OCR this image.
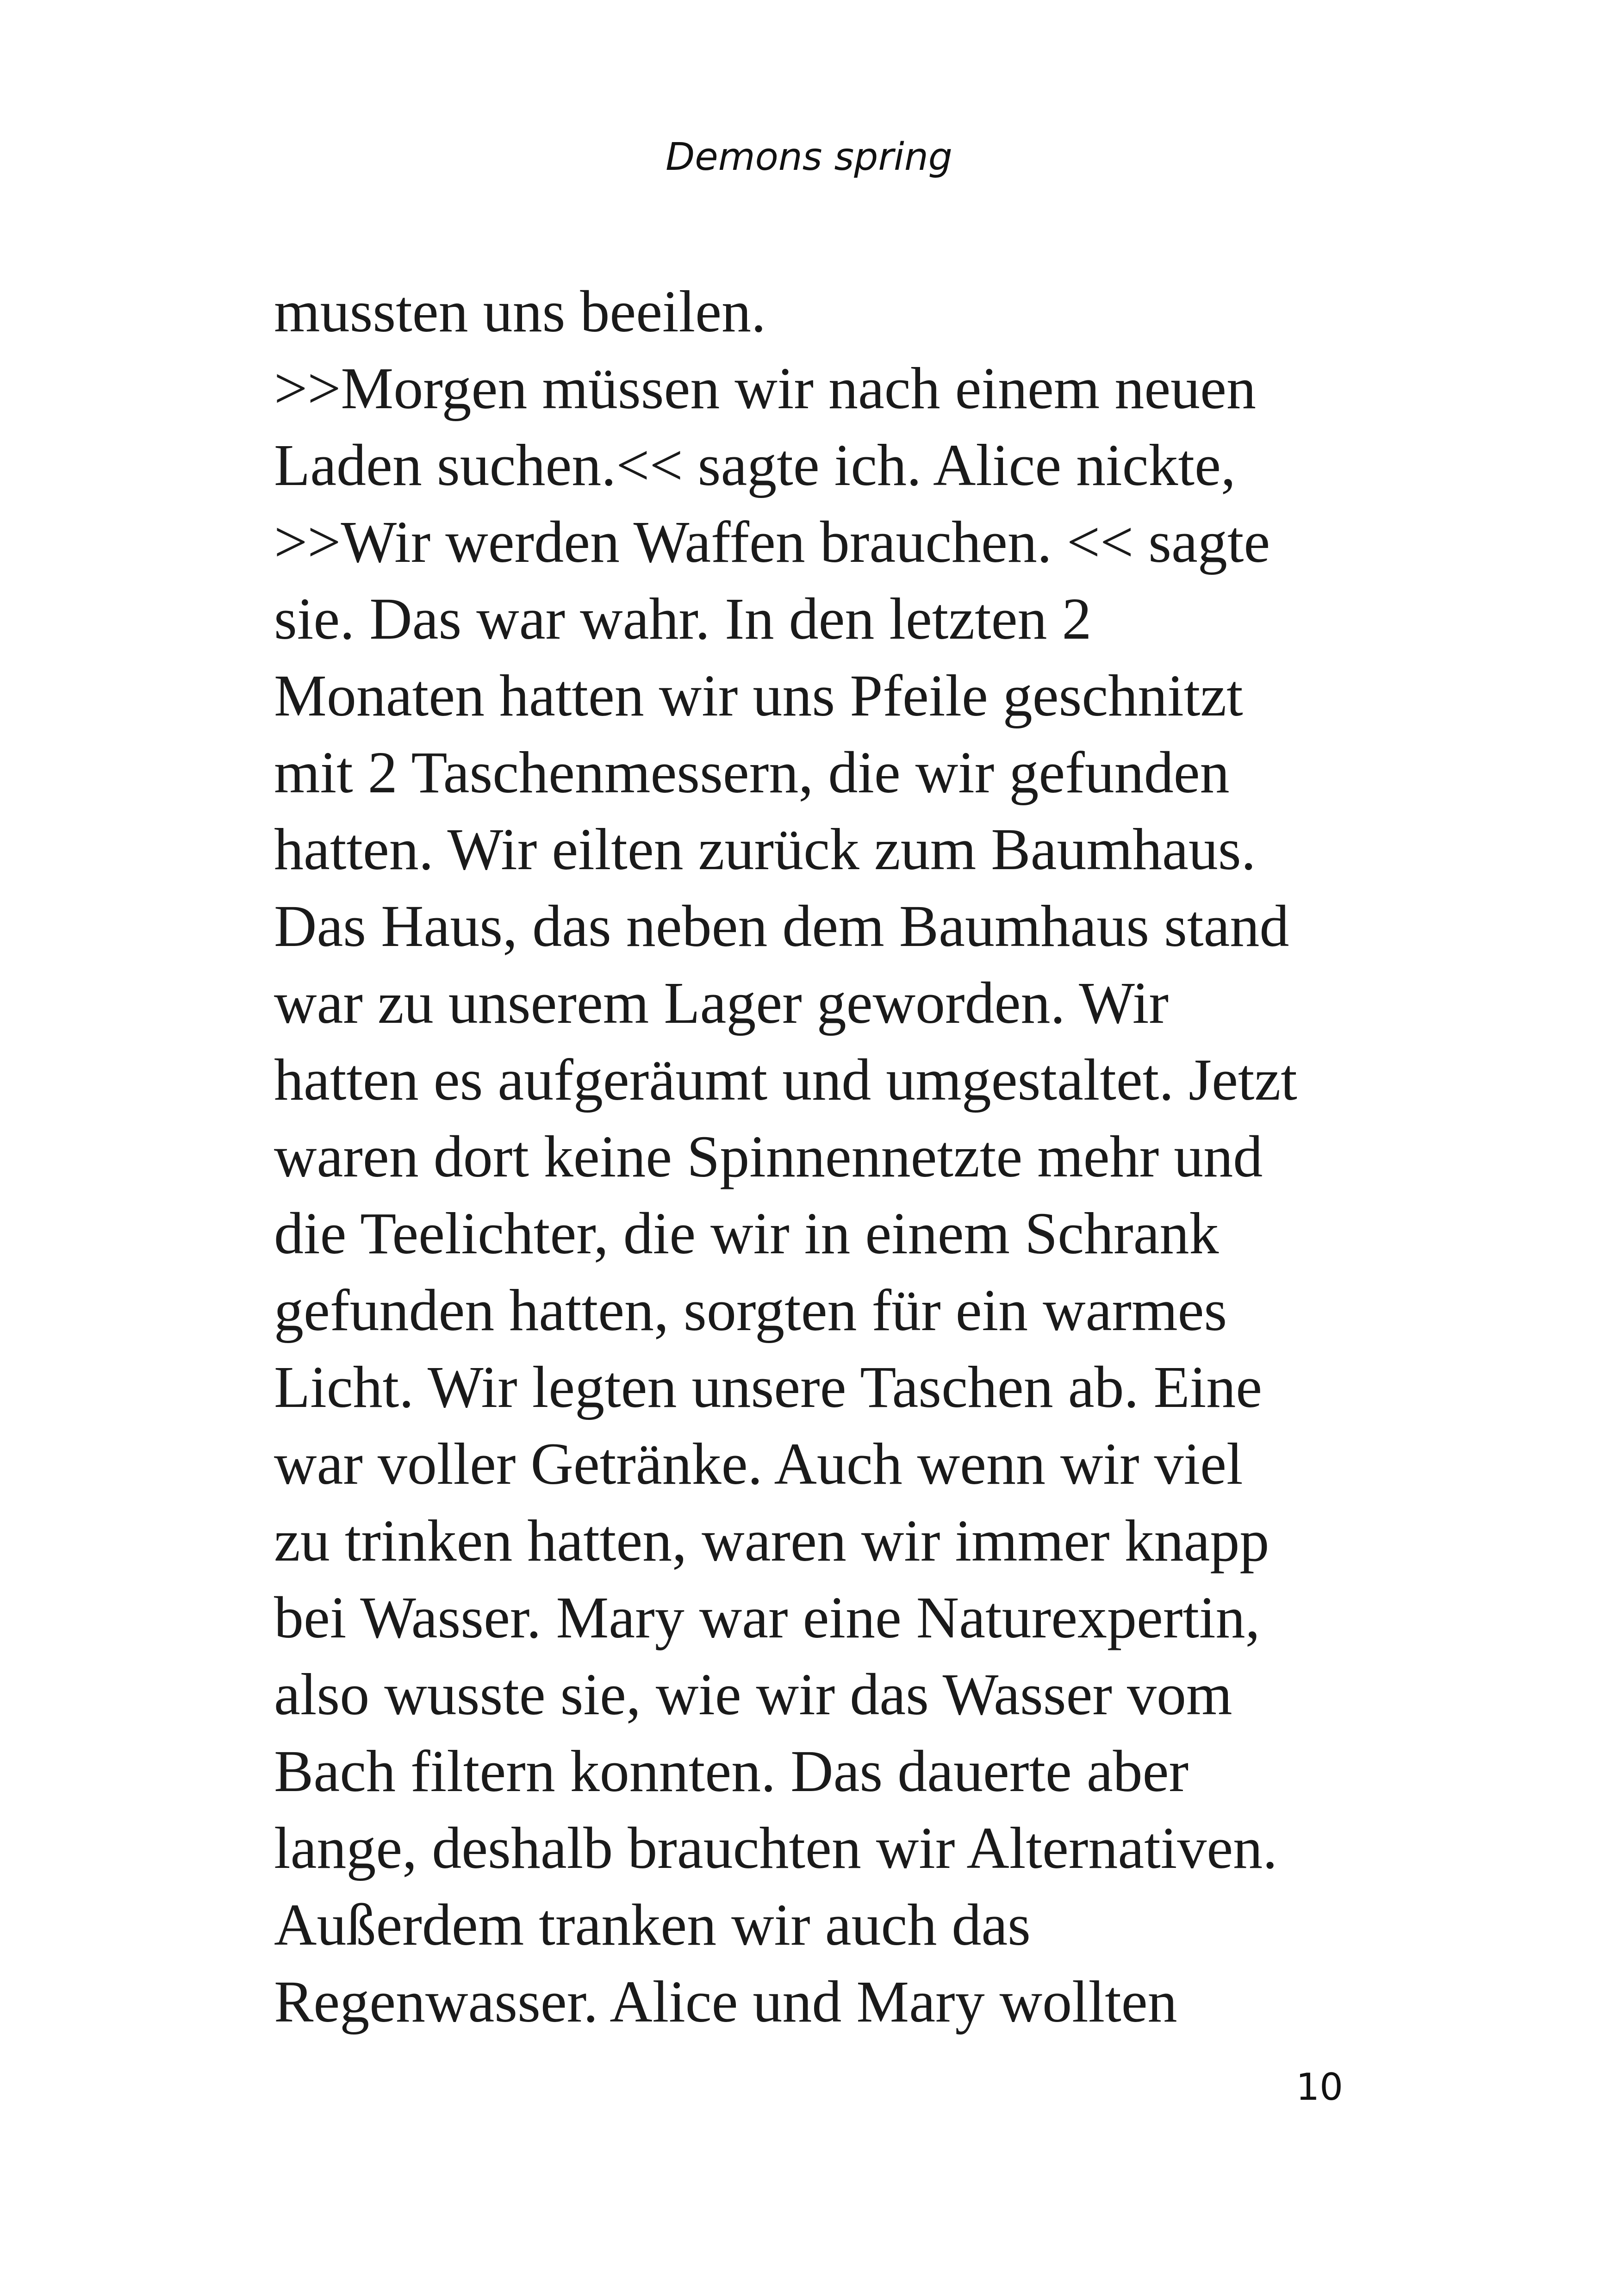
Demons spring
mussten uns beeilen.
>>Morgen müssen wir nach einem neuen
Laden suchen.<< sagte ich. Alice nickte,
>>Wir werden Waffen brauchen. << sagte
sie. Das war wahr. In den letzten 2
Monaten hatten wir uns Pfeile geschnitzt
mit 2 Taschenmessern, die wir gefunden
hatten. Wir eilten zurück zum Baumhaus.
Das Haus, das neben dem Baumhaus stand
war zu unserem Lager geworden. Wir
hatten es aufgeräumt und umgestaltet. Jetzt
waren dort keine Spinnennetzte mehr und
die Teelichter, die wir in einem Schrank
gefunden hatten, sorgten für ein warmes
Licht. Wir legten unsere Taschen ab. Eine
war voller Getränke. Auch wenn wir viel
zu trinken hatten, waren wir immer knapp
bei Wasser. Mary war eine Naturexpertin,
also wusste sie, wie wir das Wasser vom
Bach filtern konnten. Das dauerte aber
lange, deshalb brauchten wir Alternativen.
Außerdem tranken wir auch das
Regenwasser. Alice und Mary wollten
10
